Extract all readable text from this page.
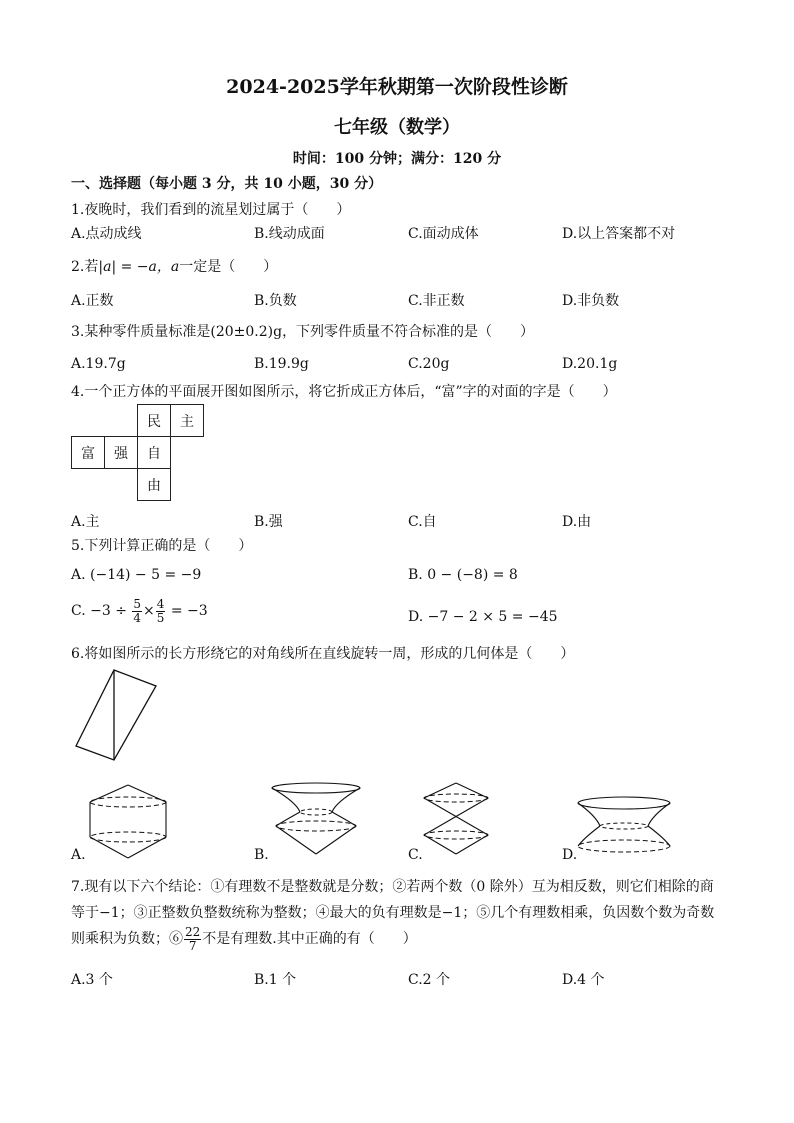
2024-2025学年秋期第一次阶段性诊断
七年级（数学）
时间：100 分钟；满分：120 分
一、选择题（每小题 3 分，共 10 小题，30 分）
1.夜晚时，我们看到的流星划过属于（　　）
A.点动成线	B.线动成面	C.面动成体	D.以上答案都不对
2.若|a| = −a，a一定是（　　）
A.正数	B.负数	C.非正数	D.非负数
3.某种零件质量标准是(20±0.2)g，下列零件质量不符合标准的是（　　）
A.19.7g	B.19.9g	C.20g	D.20.1g
4.一个正方体的平面展开图如图所示，将它折成正方体后，“富”字的对面的字是（　　）
		民	主
富	强	自	
		由	
A.主	B.强	C.自	D.由
5.下列计算正确的是（　　）
A. (−14) − 5 = −9	B. 0 − (−8) = 8
C. $-3 \div \frac{5}{4} \times \frac{4}{5} = -3$	D. −7 − 2 × 5 = −45
6.将如图所示的长方形绕它的对角线所在直线旋转一周，形成的几何体是（　　）
A.	B.	C.	D.
7.现有以下六个结论：①有理数不是整数就是分数；②若两个数（0 除外）互为相反数，则它们相除的商
等于−1；③正整数负整数统称为整数；④最大的负有理数是−1；⑤几个有理数相乘，负因数个数为奇数
则乘积为负数；⑥ $\frac{22}{7}$ 不是有理数.其中正确的有（　　）
A.3 个	B.1 个	C.2 个	D.4 个
